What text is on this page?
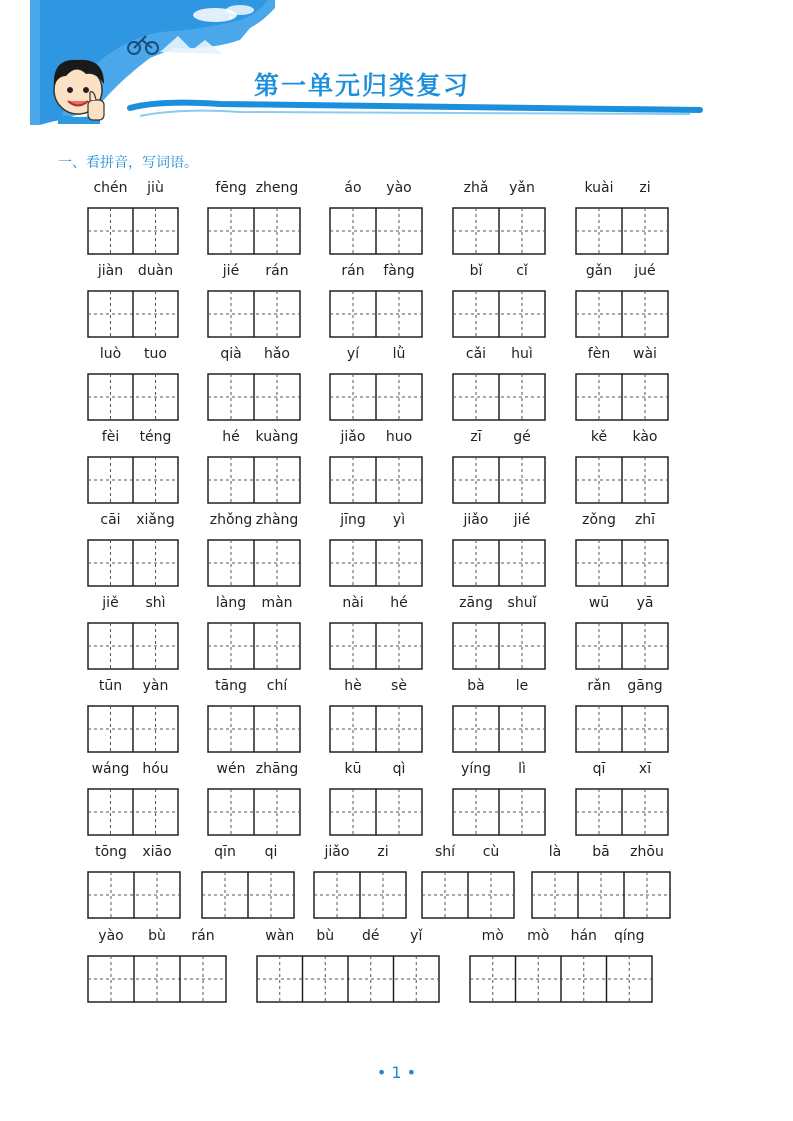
*
第一单元归类复习
一、看拼音，写词语。
chén	jiù	fēng zheng	áo	yào	zhǎ	yǎn	kuài	zi
jiàn	duàn	jié	rán	rán	fàng	bǐ	cǐ	gǎn	jué
luò	tuo	qià	hǎo	yí	lǜ	cǎi	huì	fèn	wài
fèi	téng	hé	kuàng	jiǎo	huo	zī	gé	kě	kào
cāi	xiǎng zhǒng zhàng	jīng	yì	jiǎo	jié	zǒng	zhī
jiě	shì	làng	màn	nài	hé	zāng	shuǐ	wū	yā
tūn	yàn	tāng	chí	hè	sè	bà	le	rǎn	gāng
wáng hóu	wén zhāng	kū	qì	yíng	lì	qī	xī
tōng	xiāo	qīn	qi	jiǎo	zi	shí	cù	là	bā	zhōu
yào	bù	rán	wàn	bù	dé	yǐ	mò	mò	hán	qíng
• 1 •
